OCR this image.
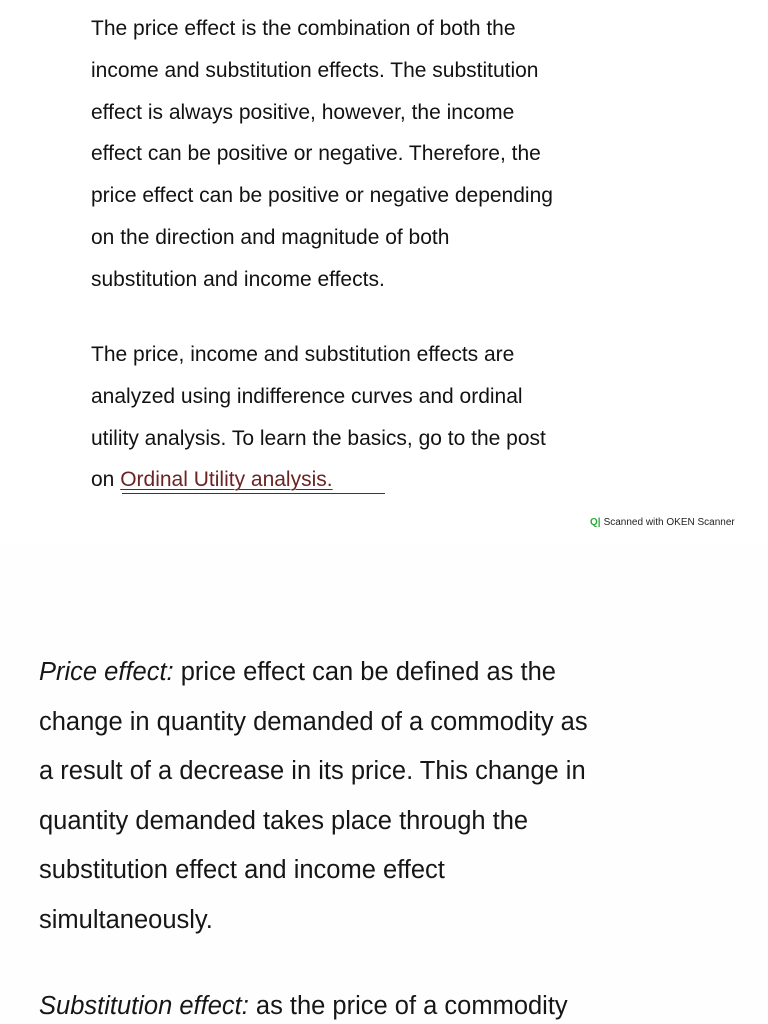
The price effect is the combination of both the
income and substitution effects. The substitution
effect is always positive, however, the income
effect can be positive or negative. Therefore, the
price effect can be positive or negative depending
on the direction and magnitude of both
substitution and income effects.

The price, income and substitution effects are
analyzed using indifference curves and ordinal
utility analysis. To learn the basics, go to the post
on Ordinal Utility analysis.

Q| Scanned with OKEN Scanner

Price effect: price effect can be defined as the
change in quantity demanded of a commodity as
a result of a decrease in its price. This change in
quantity demanded takes place through the
substitution effect and income effect
simultaneously.

Substitution effect: as the price of a commodity
